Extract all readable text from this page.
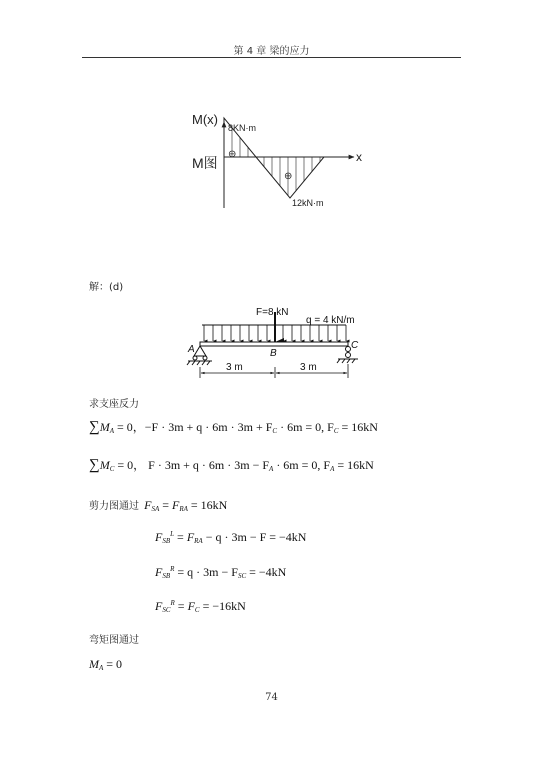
第 4 章 梁的应力
M(x)
x
8KN·m
⊖
⊕
12kN·m
M图
解：(d)
F=8 kN
q = 4 kN/m
A	B
C
3 m	3 m
求支座反力
$\sum M_A = 0$，$-F \cdot 3m + q \cdot 6m \cdot 3m + F_C \cdot 6m = 0$, $F_C = 16kN$
$\sum M_C = 0$， $F \cdot 3m + q \cdot 6m \cdot 3m - F_A \cdot 6m = 0$, $F_A = 16kN$
剪力图通过 $F_{SA} = F_{RA} = 16kN$
$F_{SB}^L = F_{RA} - q \cdot 3m - F = -4kN$
$F_{SB}^R = q \cdot 3m - F_{SC} = -4kN$
$F_{SC}^R = F_C = -16kN$
弯矩图通过
$M_A = 0$
74
